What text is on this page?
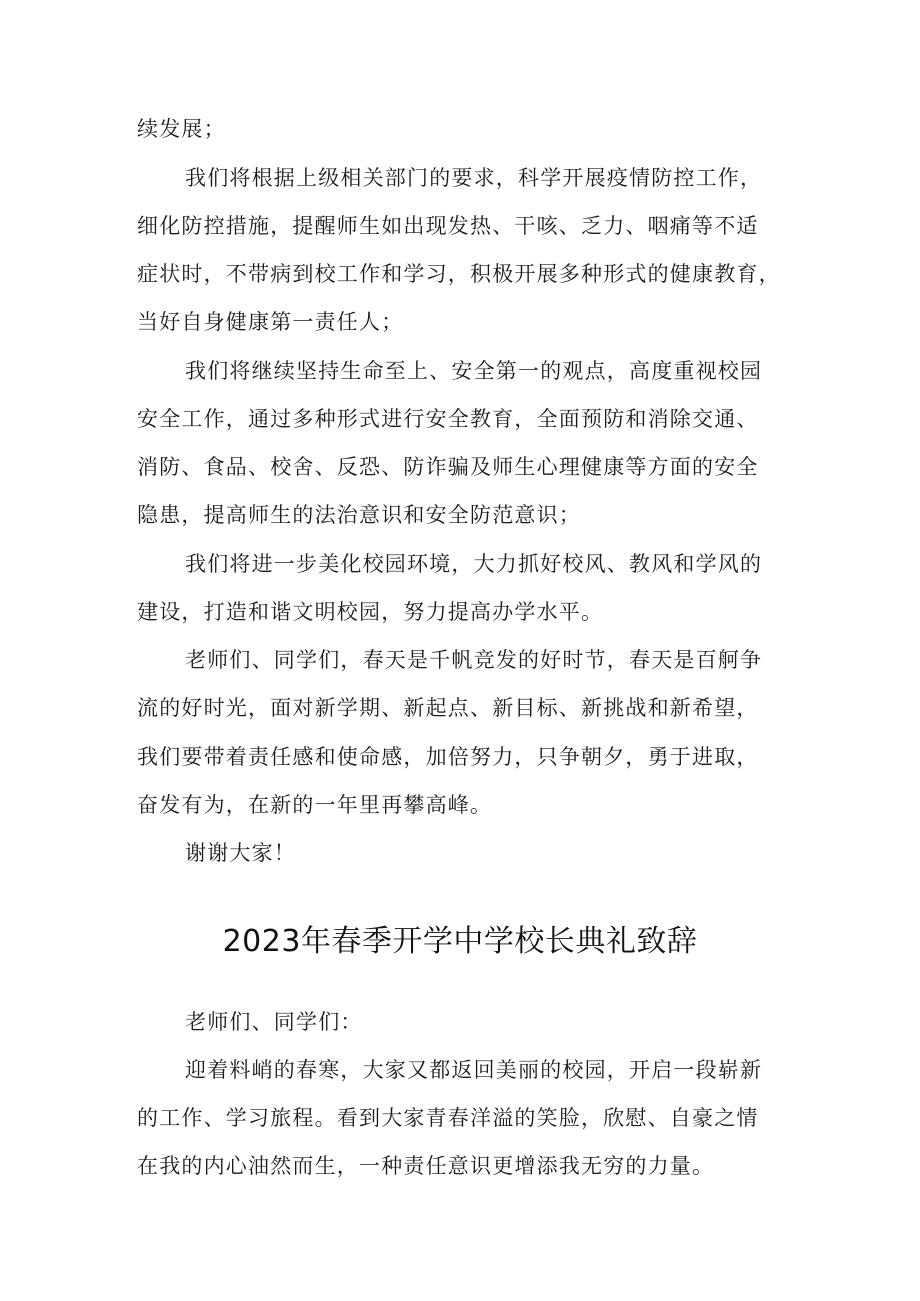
续发展；
我们将根据上级相关部门的要求，科学开展疫情防控工作，
细化防控措施，提醒师生如出现发热、干咳、乏力、咽痛等不适
症状时，不带病到校工作和学习，积极开展多种形式的健康教育，
当好自身健康第一责任人；
我们将继续坚持生命至上、安全第一的观点，高度重视校园
安全工作，通过多种形式进行安全教育，全面预防和消除交通、
消防、食品、校舍、反恐、防诈骗及师生心理健康等方面的安全
隐患，提高师生的法治意识和安全防范意识；
我们将进一步美化校园环境，大力抓好校风、教风和学风的
建设，打造和谐文明校园，努力提高办学水平。
老师们、同学们，春天是千帆竞发的好时节，春天是百舸争
流的好时光，面对新学期、新起点、新目标、新挑战和新希望，
我们要带着责任感和使命感，加倍努力，只争朝夕，勇于进取，
奋发有为，在新的一年里再攀高峰。
谢谢大家！
2023年春季开学中学校长典礼致辞
老师们、同学们：
迎着料峭的春寒，大家又都返回美丽的校园，开启一段崭新
的工作、学习旅程。看到大家青春洋溢的笑脸，欣慰、自豪之情
在我的内心油然而生，一种责任意识更增添我无穷的力量。
